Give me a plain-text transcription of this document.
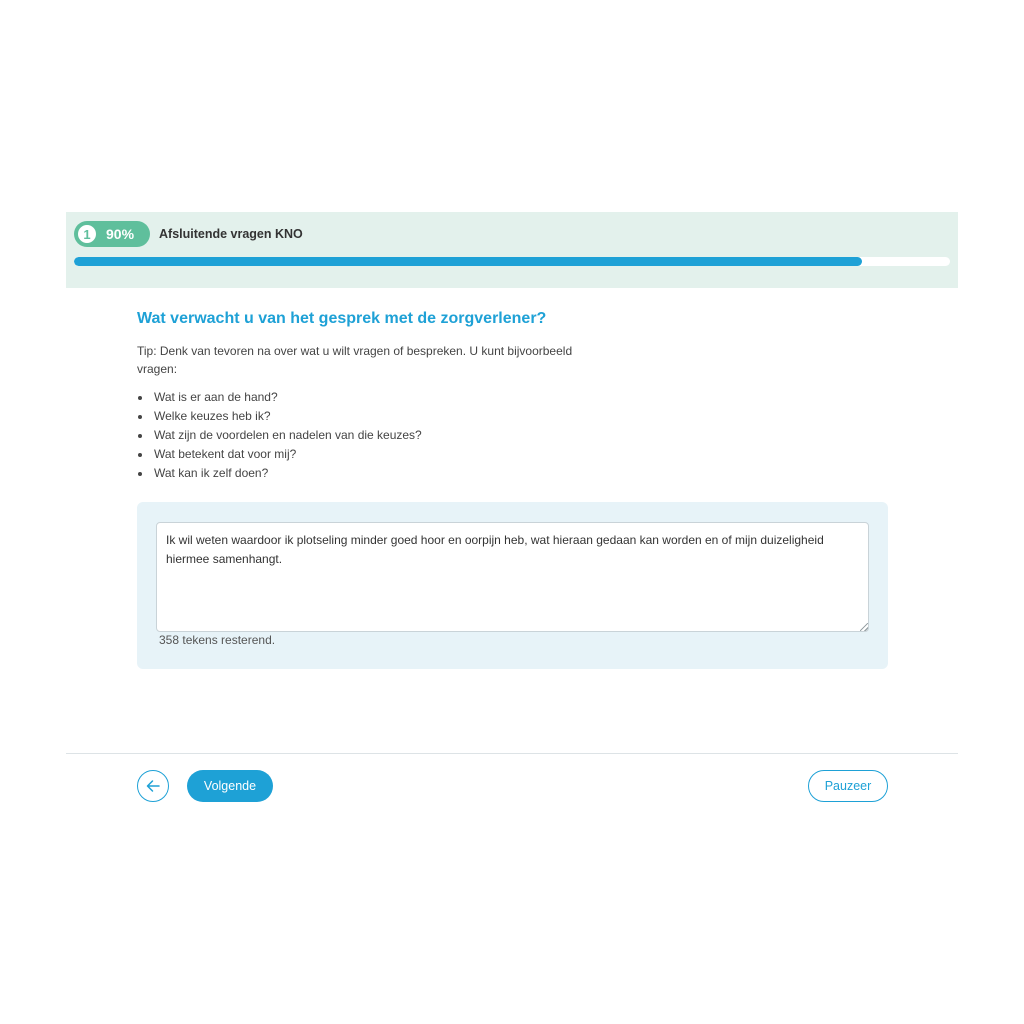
1	90% Afsluitende vragen KNO
Wat verwacht u van het gesprek met de zorgverlener?

Tip: Denk van tevoren na over wat u wilt vragen of bespreken. U kunt bijvoorbeeld vragen:

Wat is er aan de hand?
Welke keuzes heb ik?
Wat zijn de voordelen en nadelen van die keuzes?
Wat betekent dat voor mij?
Wat kan ik zelf doen?
Ik wil weten waardoor ik plotseling minder goed hoor en oorpijn heb, wat hieraan gedaan kan worden en of mijn duizeligheid hiermee samenhangt.
358 tekens resterend.
Volgende	Pauzeer
